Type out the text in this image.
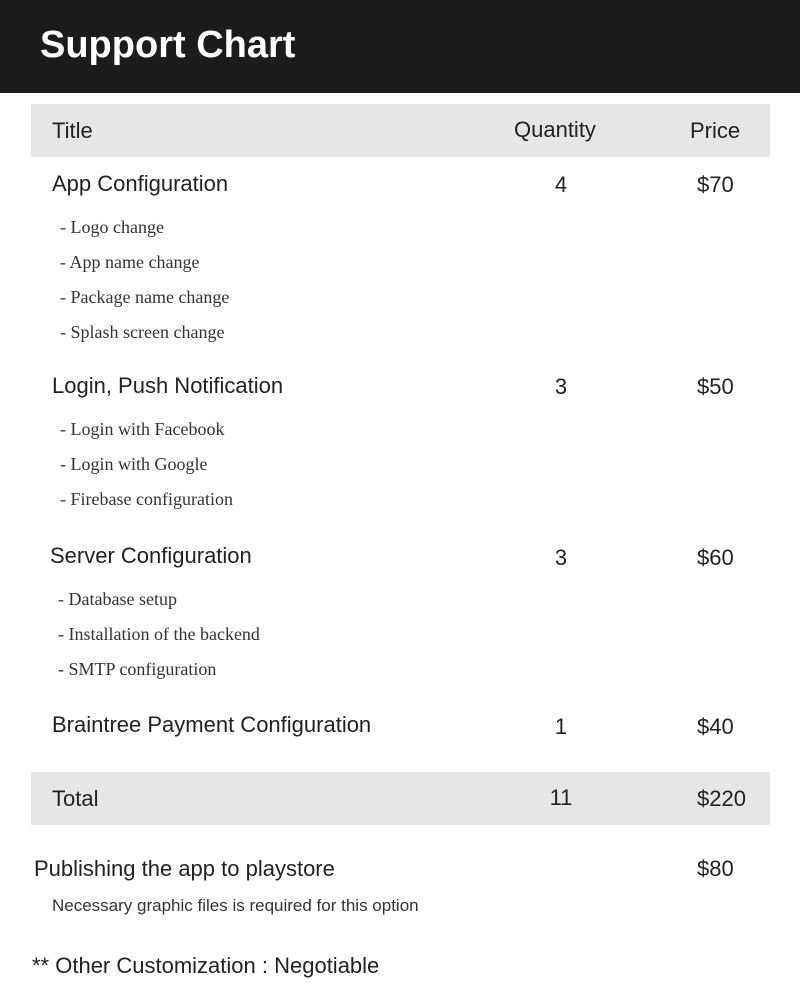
Support Chart
Title	Quantity	Price
App Configuration	4	$70
- Logo change
- App name change
- Package name change
- Splash screen change
Login, Push Notification	3	$50
- Login with Facebook
- Login with Google
- Firebase configuration
Server Configuration	3	$60
- Database setup
- Installation of the backend
- SMTP configuration
Braintree Payment Configuration	1	$40
Total	11	$220
Publishing the app to playstore	$80
Necessary graphic files is required for this option
** Other Customization : Negotiable
